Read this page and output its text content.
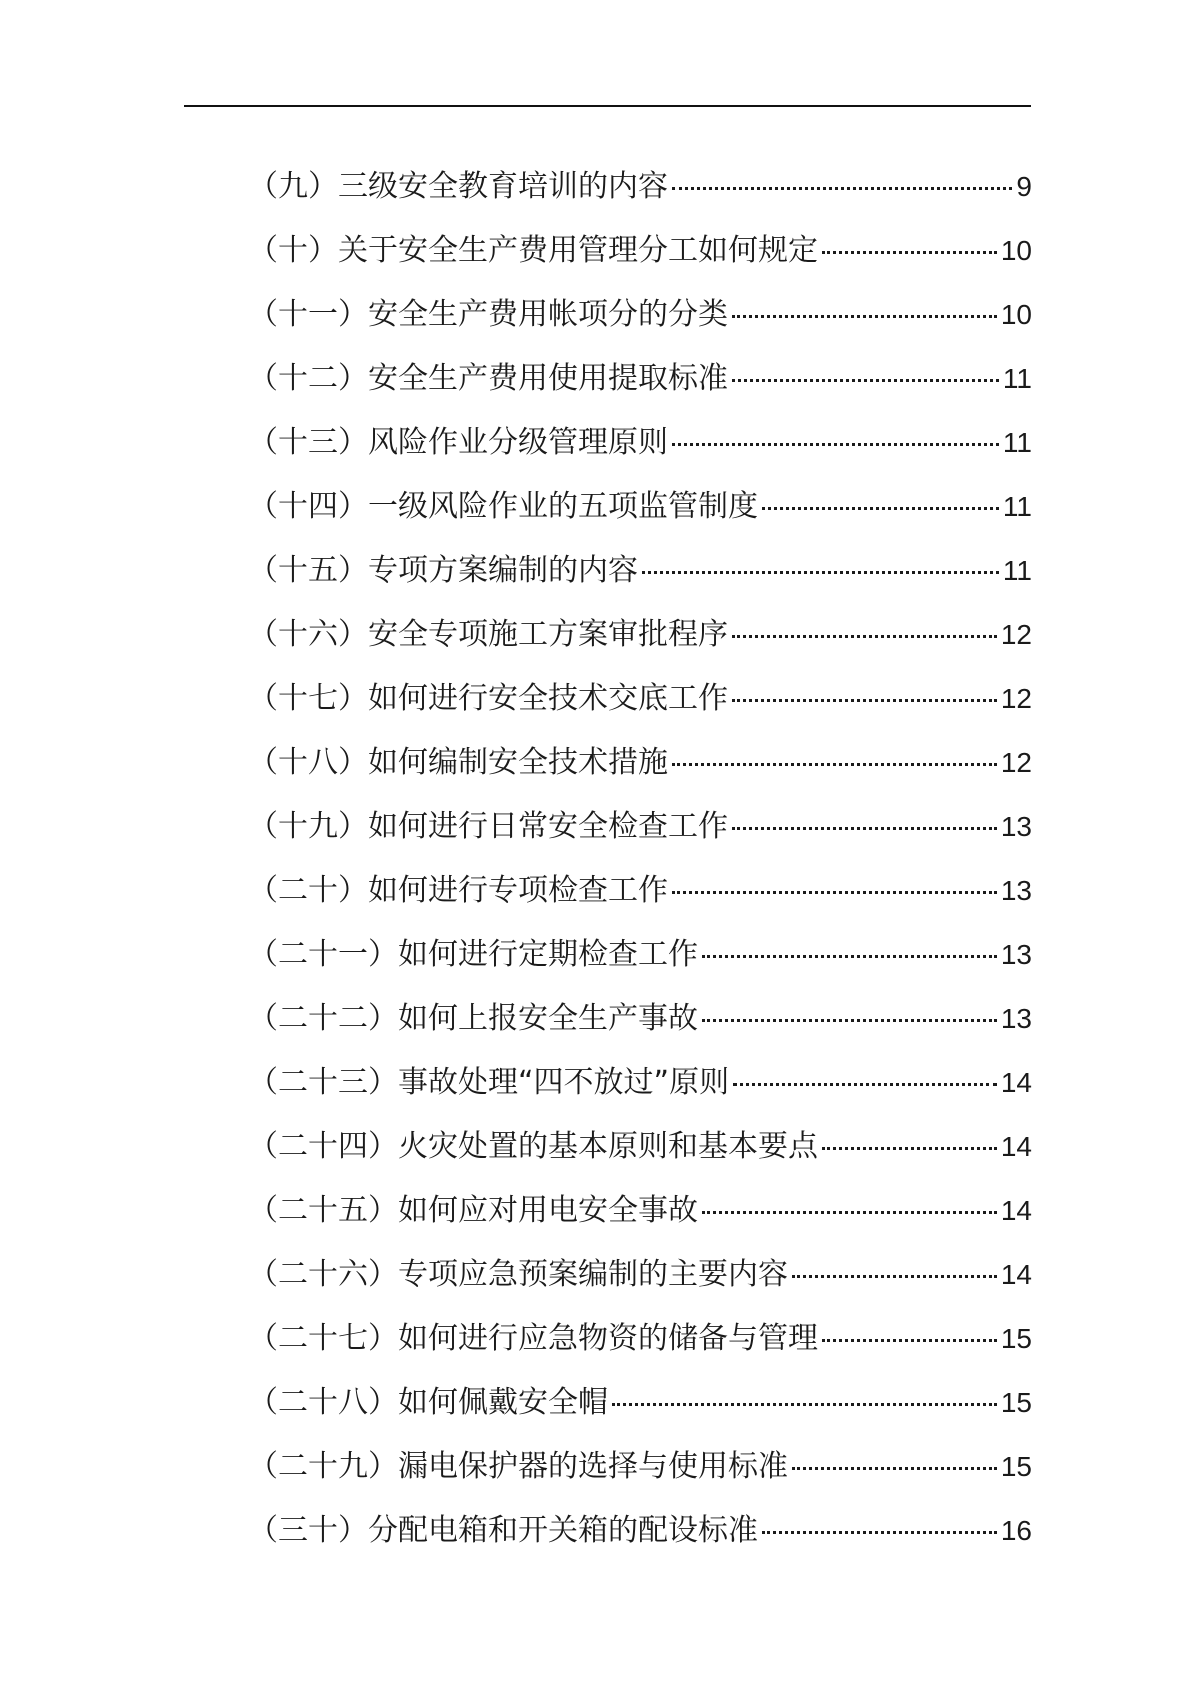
（九）三级安全教育培训的内容	9
（十）关于安全生产费用管理分工如何规定	10
（十一）安全生产费用帐项分的分类	10
（十二）安全生产费用使用提取标准	11
（十三）风险作业分级管理原则	11
（十四）一级风险作业的五项监管制度	11
（十五）专项方案编制的内容	11
（十六）安全专项施工方案审批程序	12
（十七）如何进行安全技术交底工作	12
（十八）如何编制安全技术措施	12
（十九）如何进行日常安全检查工作	13
（二十）如何进行专项检查工作	13
（二十一）如何进行定期检查工作	13
（二十二）如何上报安全生产事故	13
（二十三）事故处理“四不放过”原则	14
（二十四）火灾处置的基本原则和基本要点	14
（二十五）如何应对用电安全事故	14
（二十六）专项应急预案编制的主要内容	14
（二十七）如何进行应急物资的储备与管理	15
（二十八）如何佩戴安全帽	15
（二十九）漏电保护器的选择与使用标准	15
（三十）分配电箱和开关箱的配设标准	16
